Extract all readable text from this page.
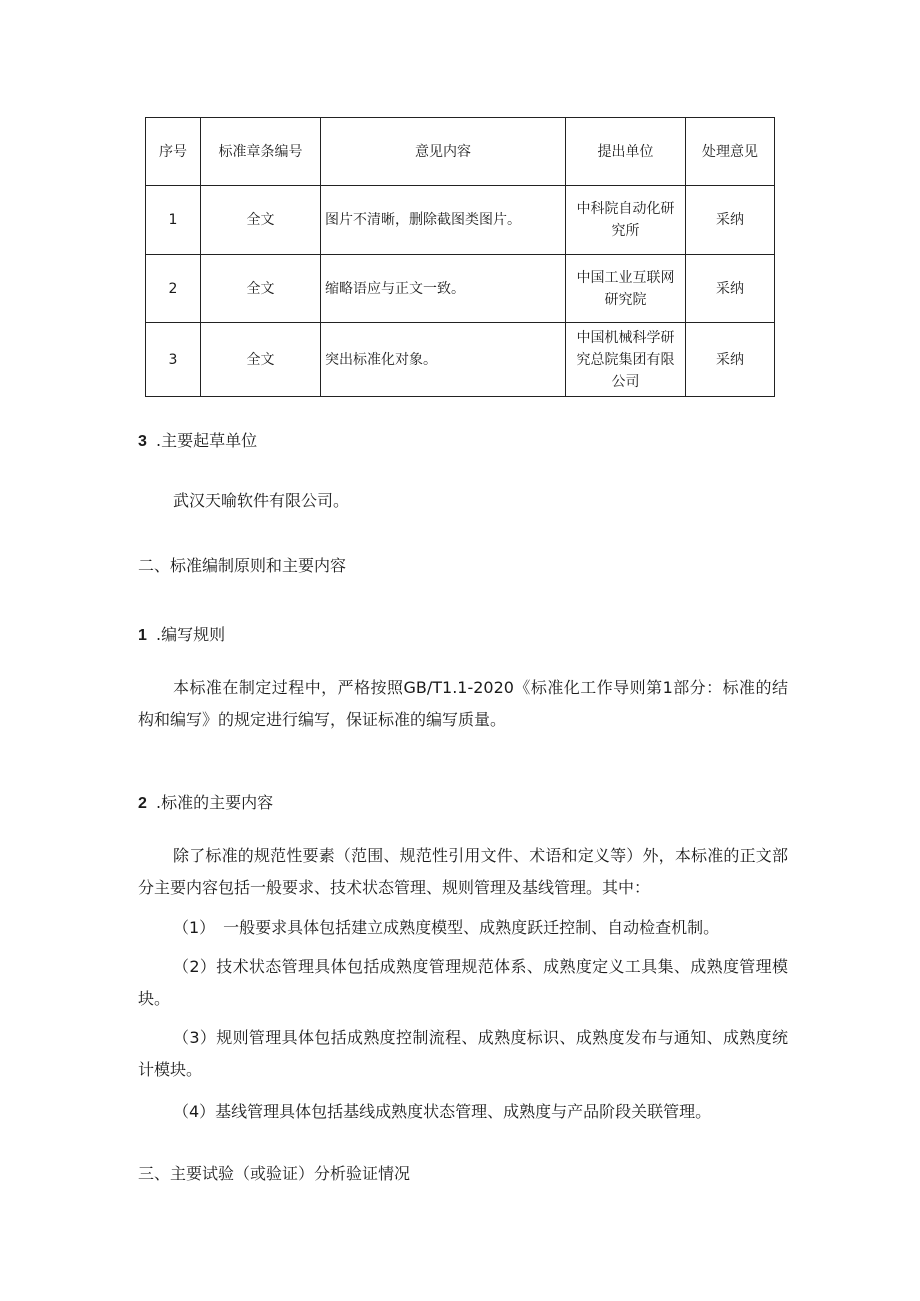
序号	标准章条编号	意见内容	提出单位	处理意见
1	全文	图片不清晰，删除截图类图片。	中科院自动化研究所	采纳
2	全文	缩略语应与正文一致。	中国工业互联网研究院	采纳
3	全文	突出标准化对象。	中国机械科学研究总院集团有限公司	采纳
3 .主要起草单位
武汉天喻软件有限公司。
二、标准编制原则和主要内容
1 .编写规则
本标准在制定过程中，严格按照GB/T1.1-2020《标准化工作导则第1部分：标准的结构和编写》的规定进行编写，保证标准的编写质量。
2 .标准的主要内容
除了标准的规范性要素（范围、规范性引用文件、术语和定义等）外，本标准的正文部分主要内容包括一般要求、技术状态管理、规则管理及基线管理。其中：
（1）　一般要求具体包括建立成熟度模型、成熟度跃迁控制、自动检查机制。
（2）技术状态管理具体包括成熟度管理规范体系、成熟度定义工具集、成熟度管理模块。
（3）规则管理具体包括成熟度控制流程、成熟度标识、成熟度发布与通知、成熟度统计模块。
（4）基线管理具体包括基线成熟度状态管理、成熟度与产品阶段关联管理。
三、主要试验（或验证）分析验证情况
